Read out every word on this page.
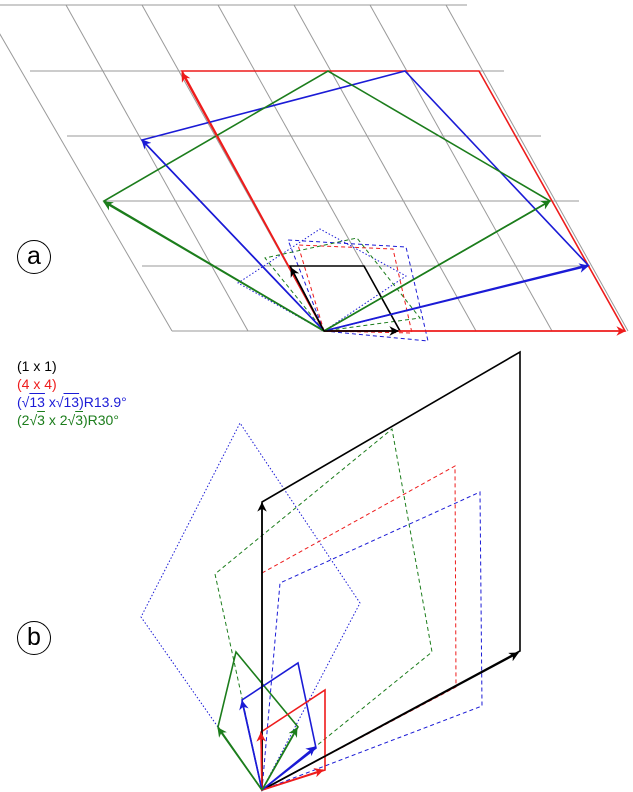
a
b
(1 x 1)
(4 x 4)
(√13 x√13)R13.9°
(2√3 x 2√3)R30°
